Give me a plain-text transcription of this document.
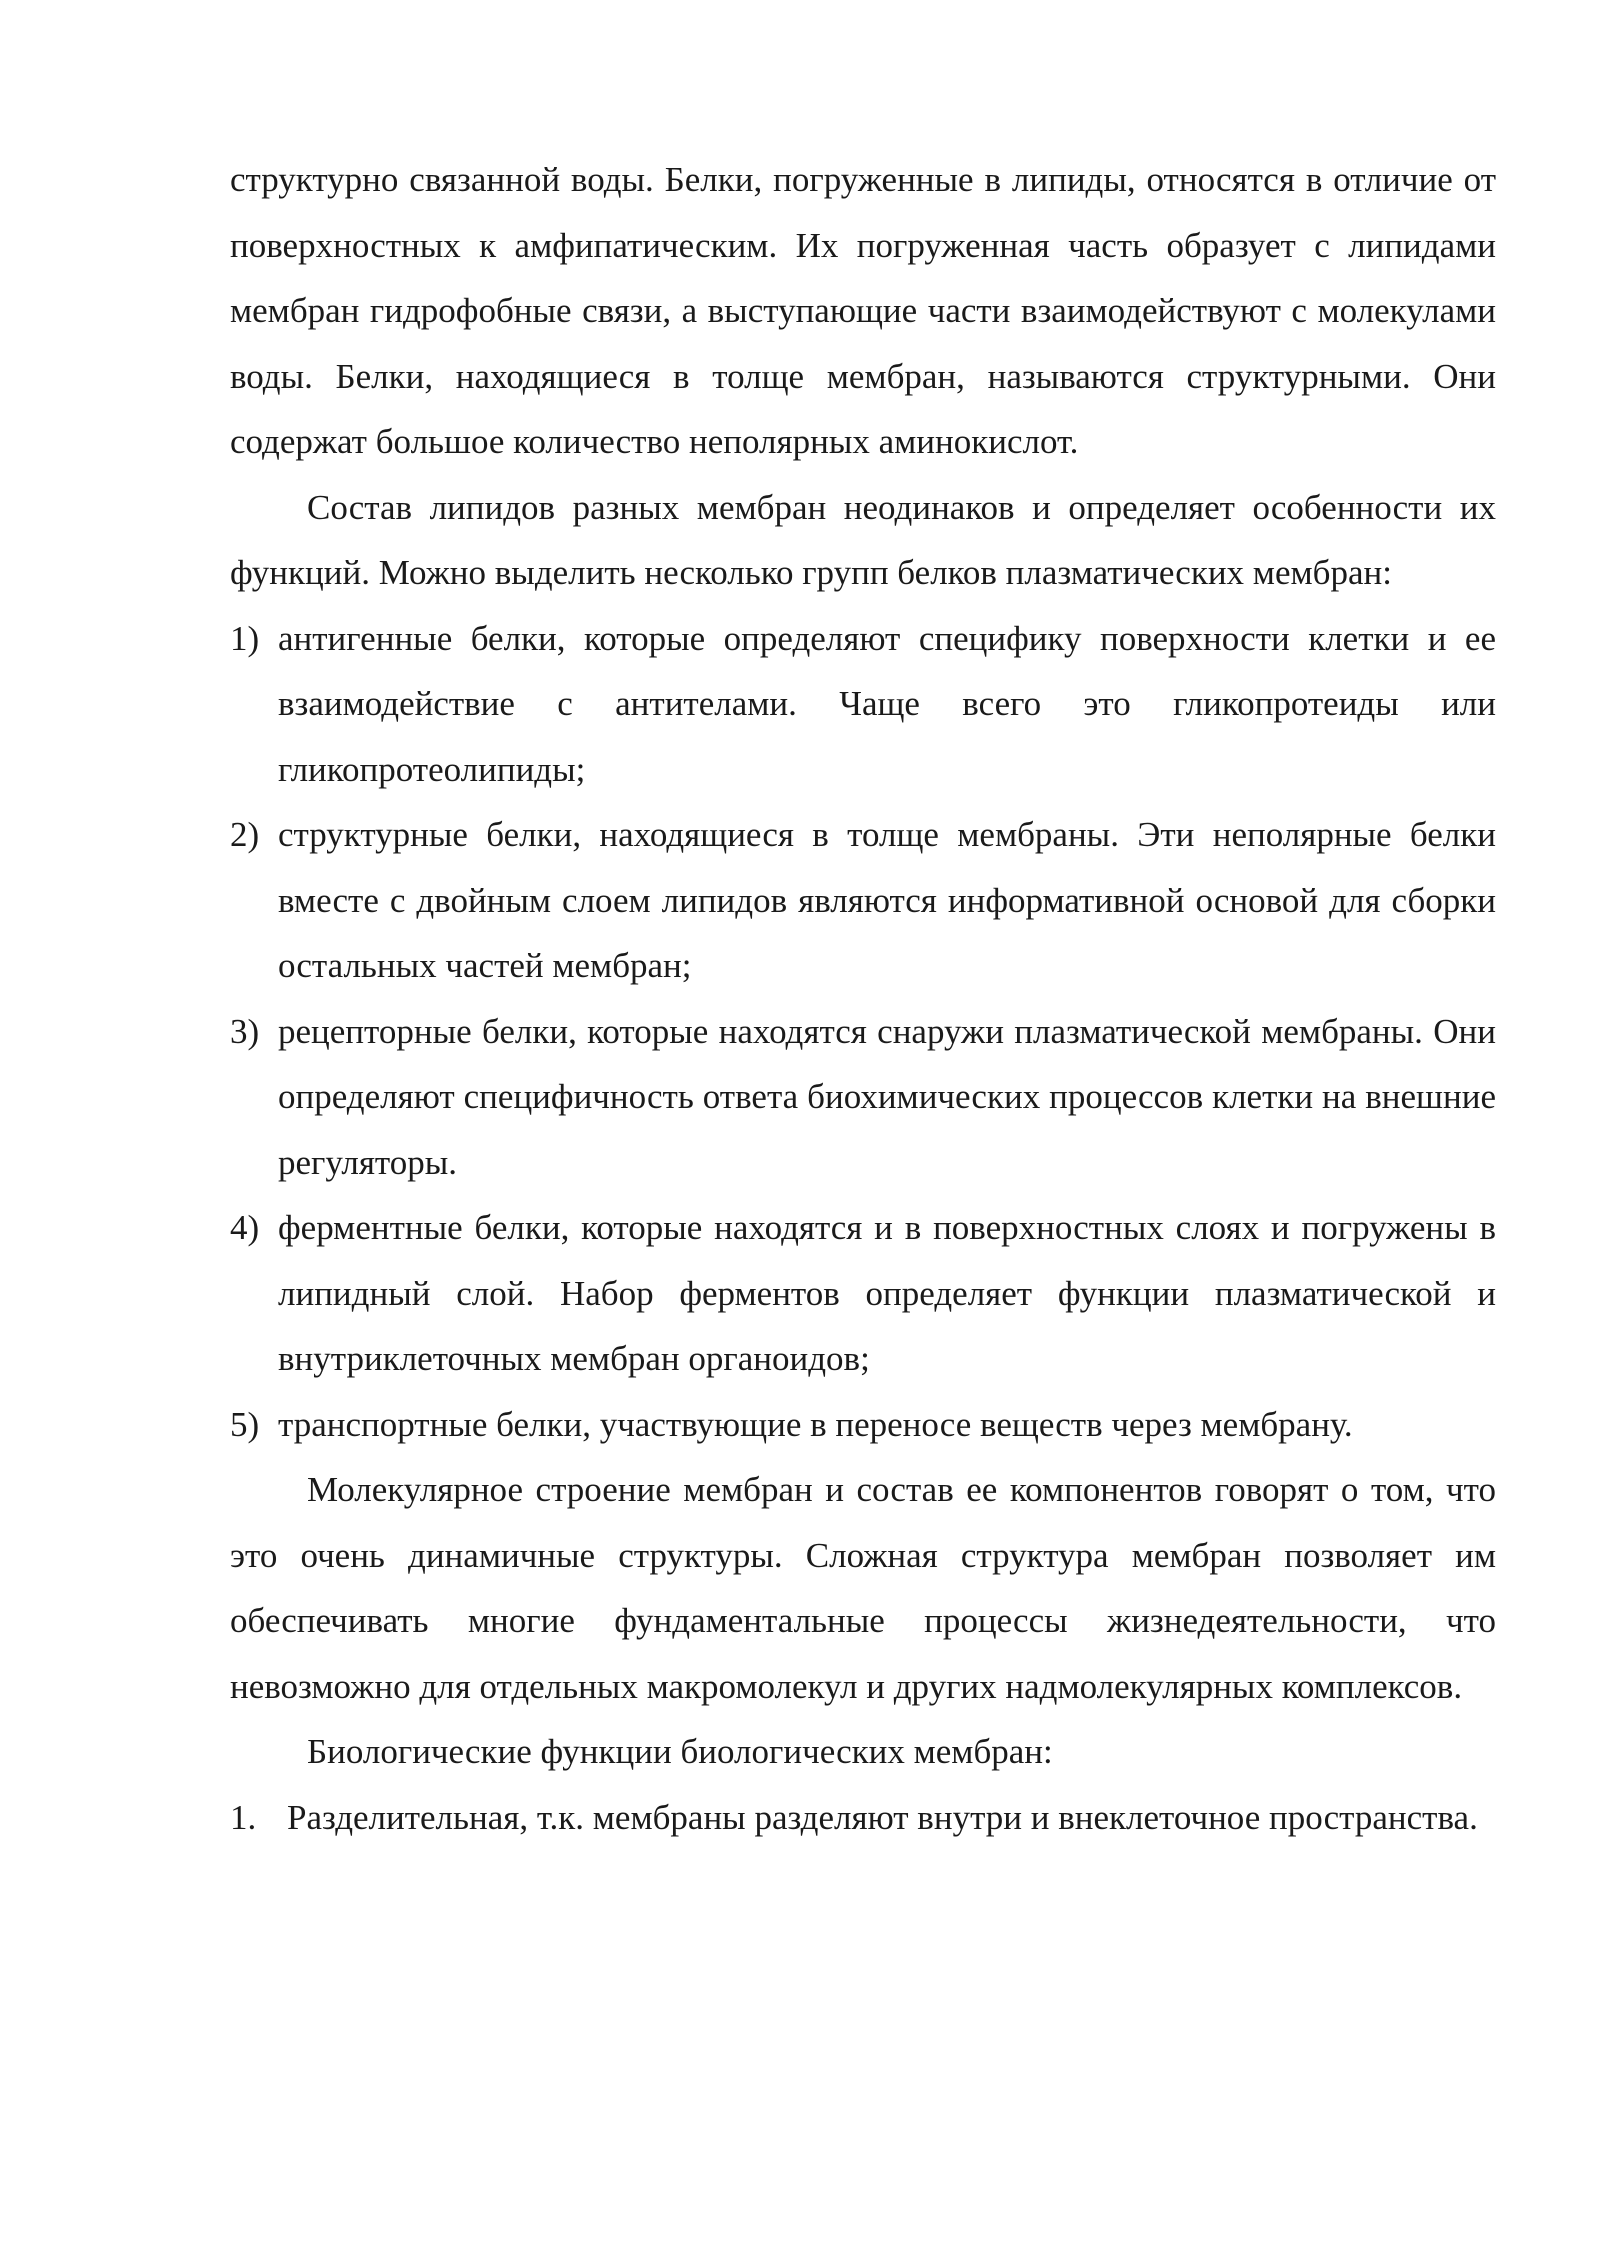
структурно связанной воды. Белки, погруженные в липиды, относятся в отличие от поверхностных к амфипатическим. Их погруженная часть образует с липидами мембран гидрофобные связи, а выступающие части взаимодействуют с молекулами воды. Белки, находящиеся в толще мембран, называются структурными. Они содержат большое количество неполярных аминокислот.

Состав липидов разных мембран неодинаков и определяет особенности их функций. Можно выделить несколько групп белков плазматических мембран:

1) антигенные белки, которые определяют специфику поверхности клетки и ее взаимодействие с антителами. Чаще всего это гликопротеиды или гликопротеолипиды;
2) структурные белки, находящиеся в толще мембраны. Эти неполярные белки вместе с двойным слоем липидов являются информативной основой для сборки остальных частей мембран;
3) рецепторные белки, которые находятся снаружи плазматической мембраны. Они определяют специфичность ответа биохимических процессов клетки на внешние регуляторы.
4) ферментные белки, которые находятся и в поверхностных слоях и погружены в липидный слой. Набор ферментов определяет функции плазматической и внутриклеточных мембран органоидов;
5) транспортные белки, участвующие в переносе веществ через мембрану.

Молекулярное строение мембран и состав ее компонентов говорят о том, что это очень динамичные структуры. Сложная структура мембран позволяет им обеспечивать многие фундаментальные процессы жизнедеятельности, что невозможно для отдельных макромолекул и других надмолекулярных комплексов.

Биологические функции биологических мембран:

1. Разделительная, т.к. мембраны разделяют внутри и внеклеточное пространства.
